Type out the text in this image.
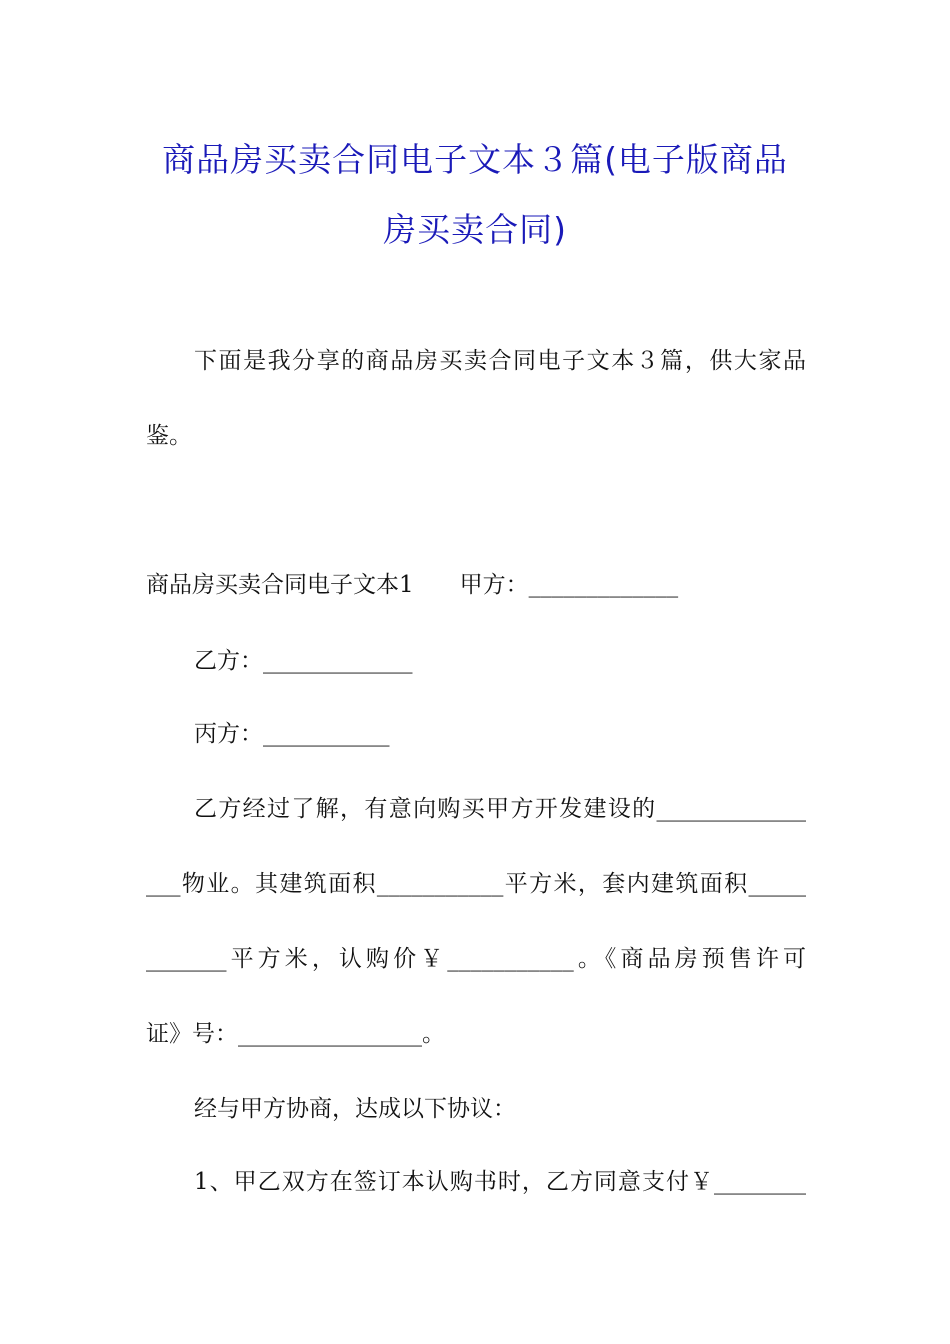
商品房买卖合同电子文本３篇(电子版商品
房买卖合同)
下面是我分享的商品房买卖合同电子文本３篇，供大家品
鉴。
商品房买卖合同电子文本1　　甲方：_____________
乙方：_____________
丙方：___________
乙方经过了解，有意向购买甲方开发建设的_____________
___物业。其建筑面积___________平方米，套内建筑面积_____
_______平方米，认购价￥___________。《商品房预售许可
证》号：________________。
经与甲方协商，达成以下协议：
1、甲乙双方在签订本认购书时，乙方同意支付￥________
